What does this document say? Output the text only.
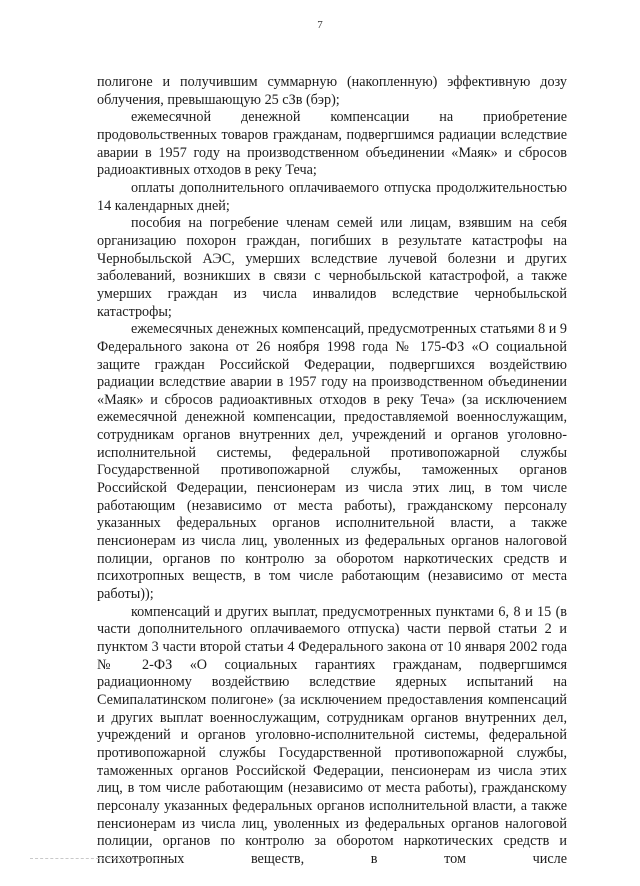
7

полигоне и получившим суммарную (накопленную) эффективную дозу облучения, превышающую 25 сЗв (бэр);

ежемесячной денежной компенсации на приобретение продовольственных товаров гражданам, подвергшимся радиации вследствие аварии в 1957 году на производственном объединении «Маяк» и сбросов радиоактивных отходов в реку Теча;

оплаты дополнительного оплачиваемого отпуска продолжительностью 14 календарных дней;

пособия на погребение членам семей или лицам, взявшим на себя организацию похорон граждан, погибших в результате катастрофы на Чернобыльской АЭС, умерших вследствие лучевой болезни и других заболеваний, возникших в связи с чернобыльской катастрофой, а также умерших граждан из числа инвалидов вследствие чернобыльской катастрофы;

ежемесячных денежных компенсаций, предусмотренных статьями 8 и 9 Федерального закона от 26 ноября 1998 года № 175-ФЗ «О социальной защите граждан Российской Федерации, подвергшихся воздействию радиации вследствие аварии в 1957 году на производственном объединении «Маяк» и сбросов радиоактивных отходов в реку Теча» (за исключением ежемесячной денежной компенсации, предоставляемой военнослужащим, сотрудникам органов внутренних дел, учреждений и органов уголовно-исполнительной системы, федеральной противопожарной службы Государственной противопожарной службы, таможенных органов Российской Федерации, пенсионерам из числа этих лиц, в том числе работающим (независимо от места работы), гражданскому персоналу указанных федеральных органов исполнительной власти, а также пенсионерам из числа лиц, уволенных из федеральных органов налоговой полиции, органов по контролю за оборотом наркотических средств и психотропных веществ, в том числе работающим (независимо от места работы));

компенсаций и других выплат, предусмотренных пунктами 6, 8 и 15 (в части дополнительного оплачиваемого отпуска) части первой статьи 2 и пунктом 3 части второй статьи 4 Федерального закона от 10 января 2002 года № 2-ФЗ «О социальных гарантиях гражданам, подвергшимся радиационному воздействию вследствие ядерных испытаний на Семипалатинском полигоне» (за исключением предоставления компенсаций и других выплат военнослужащим, сотрудникам органов внутренних дел, учреждений и органов уголовно-исполнительной системы, федеральной противопожарной службы Государственной противопожарной службы, таможенных органов Российской Федерации, пенсионерам из числа этих лиц, в том числе работающим (независимо от места работы), гражданскому персоналу указанных федеральных органов исполнительной власти, а также пенсионерам из числа лиц, уволенных из федеральных органов налоговой полиции, органов по контролю за оборотом наркотических средств и психотропных веществ, в том числе
